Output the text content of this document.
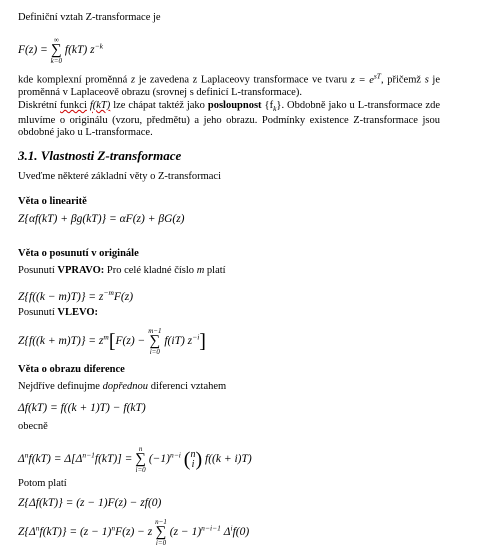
Definiční vztah Z-transformace je
F(z) =
∞
∑
k=0
f(kT) $z^{-k}$
kde komplexní proměnná z je zavedena z Laplaceovy transformace ve tvaru $z = e^{sT}$, přičemž s je proměnná v Laplaceově obrazu (srovnej s definicí L-transformace).
Diskrétní funkci f(kT) lze chápat taktéž jako posloupnost $\{f_k\}$. Obdobně jako u L-transformace zde mluvíme o originálu (vzoru, předmětu) a jeho obrazu. Podmínky existence Z-transformace jsou obdobné jako u L-transformace.
3.1. Vlastnosti Z-transformace
Uveďme některé základní věty o Z-transformaci
Věta o linearitě
Z{αf(kT) + βg(kT)} = αF(z) + βG(z)
Věta o posunutí v originále
Posunutí VPRAVO: Pro celé kladné číslo m platí
$Z\{f((k - m)T)\} = z^{-m}F(z)$
Posunutí VLEVO:
$Z\{f((k + m)T)\} = z^m[F(z)$ −
m−1
∑
i=0
f(iT) $z^{-i}$]
Věta o obrazu diference
Nejdříve definujme dopřednou diferenci vztahem
Δf(kT) = f((k + 1)T) − f(kT)
obecně
$\Delta^nf(kT) = \Delta[\Delta^{n-1}f(kT)]$ =
n
∑
i=0
$(-1)^{n-i}$ (n
i) f((k + i)T)
Potom platí
Z{Δf(kT)} = (z − 1)F(z) − zf(0)
$Z\{\Delta^nf(kT)\} = (z - 1)^nF(z) - z$
n−1
∑
i=0
$(z - 1)^{n-i-1}$ $\Delta^if(0)$
